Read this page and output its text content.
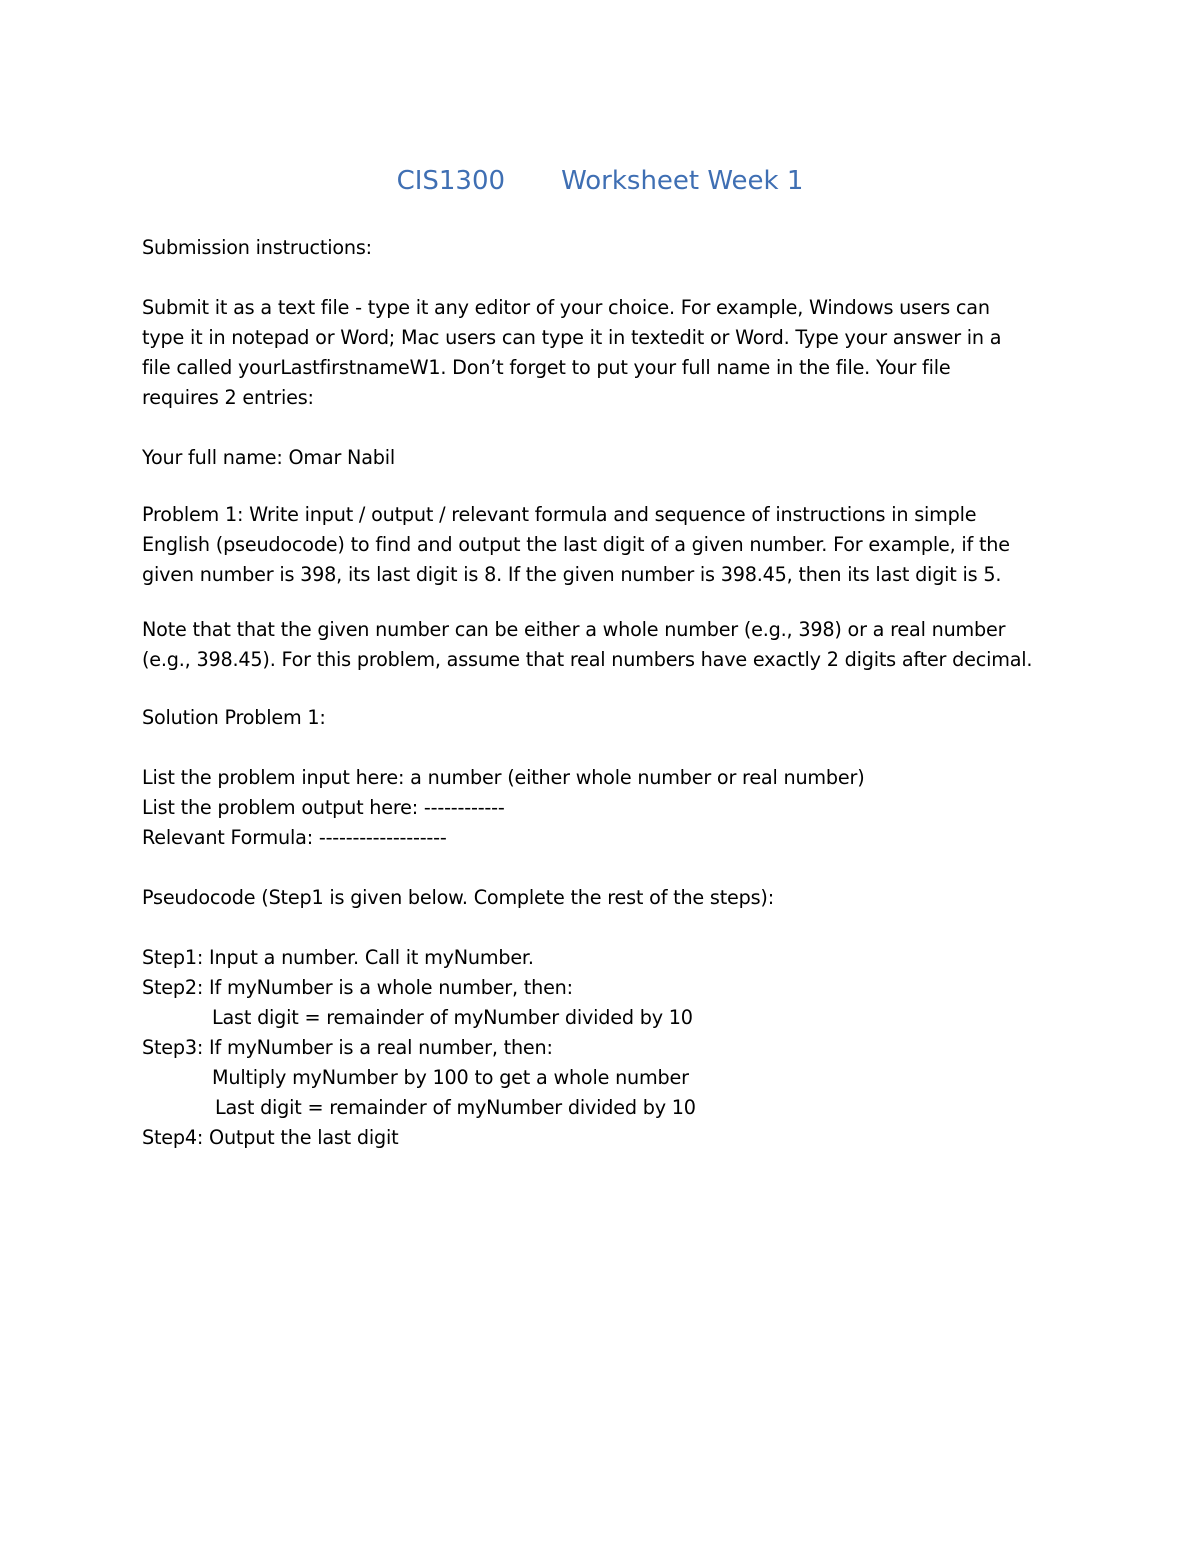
CIS1300 Worksheet Week 1
Submission instructions:
Submit it as a text file - type it any editor of your choice. For example, Windows users can
type it in notepad or Word; Mac users can type it in textedit or Word. Type your answer in a
file called yourLastfirstnameW1. Don’t forget to put your full name in the file. Your file
requires 2 entries:
Your full name: Omar Nabil
Problem 1: Write input / output / relevant formula and sequence of instructions in simple
English (pseudocode) to find and output the last digit of a given number. For example, if the
given number is 398, its last digit is 8. If the given number is 398.45, then its last digit is 5.
Note that that the given number can be either a whole number (e.g., 398) or a real number
(e.g., 398.45). For this problem, assume that real numbers have exactly 2 digits after decimal.
Solution Problem 1:
List the problem input here: a number (either whole number or real number)
List the problem output here: ------------
Relevant Formula: -------------------
Pseudocode (Step1 is given below. Complete the rest of the steps):
Step1: Input a number. Call it myNumber.
Step2: If myNumber is a whole number, then:
Last digit = remainder of myNumber divided by 10
Step3: If myNumber is a real number, then:
Multiply myNumber by 100 to get a whole number
Last digit = remainder of myNumber divided by 10
Step4: Output the last digit
